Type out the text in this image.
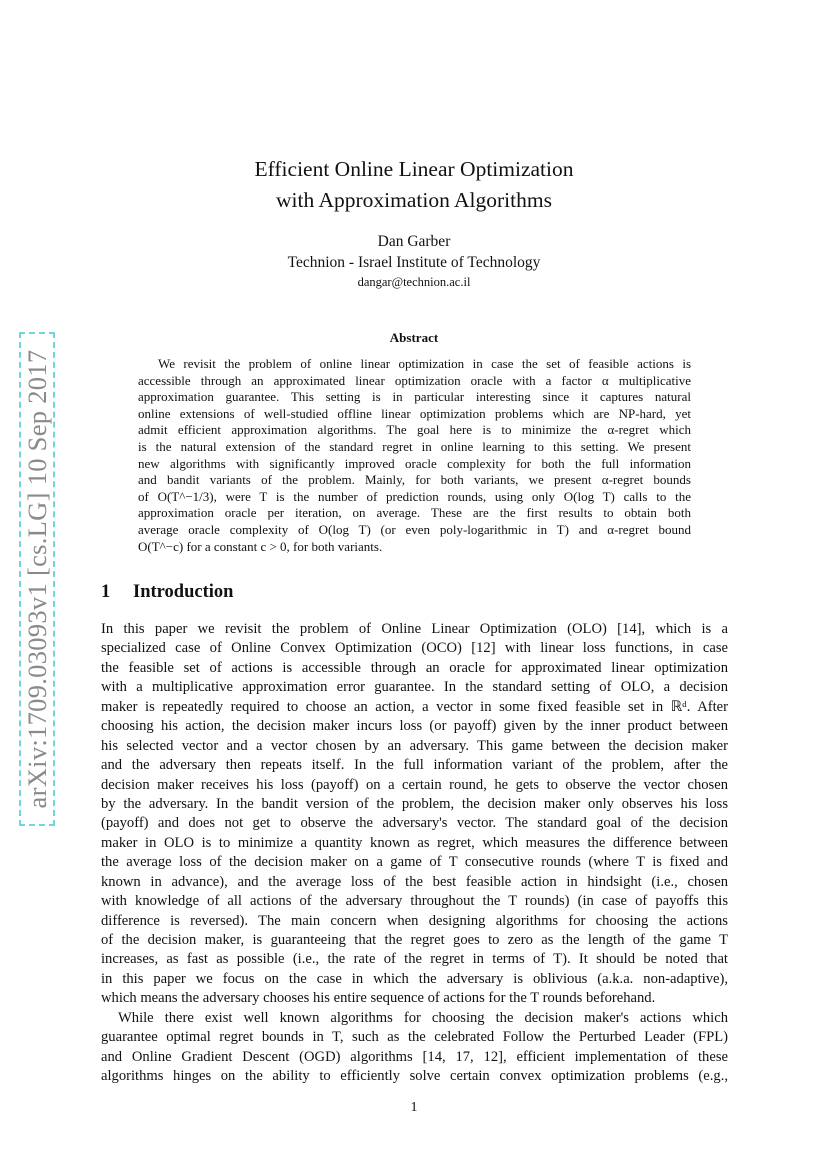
arXiv:1709.03093v1 [cs.LG] 10 Sep 2017
Efficient Online Linear Optimization
with Approximation Algorithms
Dan Garber
Technion - Israel Institute of Technology
dangar@technion.ac.il
Abstract
We revisit the problem of online linear optimization in case the set of feasible actions is
accessible through an approximated linear optimization oracle with a factor α multiplicative
approximation guarantee. This setting is in particular interesting since it captures natural
online extensions of well-studied offline linear optimization problems which are NP-hard, yet
admit efficient approximation algorithms. The goal here is to minimize the α-regret which
is the natural extension of the standard regret in online learning to this setting. We present
new algorithms with significantly improved oracle complexity for both the full information
and bandit variants of the problem. Mainly, for both variants, we present α-regret bounds
of O(T^−1/3), were T is the number of prediction rounds, using only O(log T) calls to the
approximation oracle per iteration, on average. These are the first results to obtain both
average oracle complexity of O(log T) (or even poly-logarithmic in T) and α-regret bound
O(T^−c) for a constant c > 0, for both variants.
1 Introduction
In this paper we revisit the problem of Online Linear Optimization (OLO) [14], which is a
specialized case of Online Convex Optimization (OCO) [12] with linear loss functions, in case
the feasible set of actions is accessible through an oracle for approximated linear optimization
with a multiplicative approximation error guarantee. In the standard setting of OLO, a decision
maker is repeatedly required to choose an action, a vector in some fixed feasible set in ℝᵈ. After
choosing his action, the decision maker incurs loss (or payoff) given by the inner product between
his selected vector and a vector chosen by an adversary. This game between the decision maker
and the adversary then repeats itself. In the full information variant of the problem, after the
decision maker receives his loss (payoff) on a certain round, he gets to observe the vector chosen
by the adversary. In the bandit version of the problem, the decision maker only observes his loss
(payoff) and does not get to observe the adversary's vector. The standard goal of the decision
maker in OLO is to minimize a quantity known as regret, which measures the difference between
the average loss of the decision maker on a game of T consecutive rounds (where T is fixed and
known in advance), and the average loss of the best feasible action in hindsight (i.e., chosen
with knowledge of all actions of the adversary throughout the T rounds) (in case of payoffs this
difference is reversed). The main concern when designing algorithms for choosing the actions
of the decision maker, is guaranteeing that the regret goes to zero as the length of the game T
increases, as fast as possible (i.e., the rate of the regret in terms of T). It should be noted that
in this paper we focus on the case in which the adversary is oblivious (a.k.a. non-adaptive),
which means the adversary chooses his entire sequence of actions for the T rounds beforehand.
While there exist well known algorithms for choosing the decision maker's actions which
guarantee optimal regret bounds in T, such as the celebrated Follow the Perturbed Leader (FPL)
and Online Gradient Descent (OGD) algorithms [14, 17, 12], efficient implementation of these
algorithms hinges on the ability to efficiently solve certain convex optimization problems (e.g.,
1
